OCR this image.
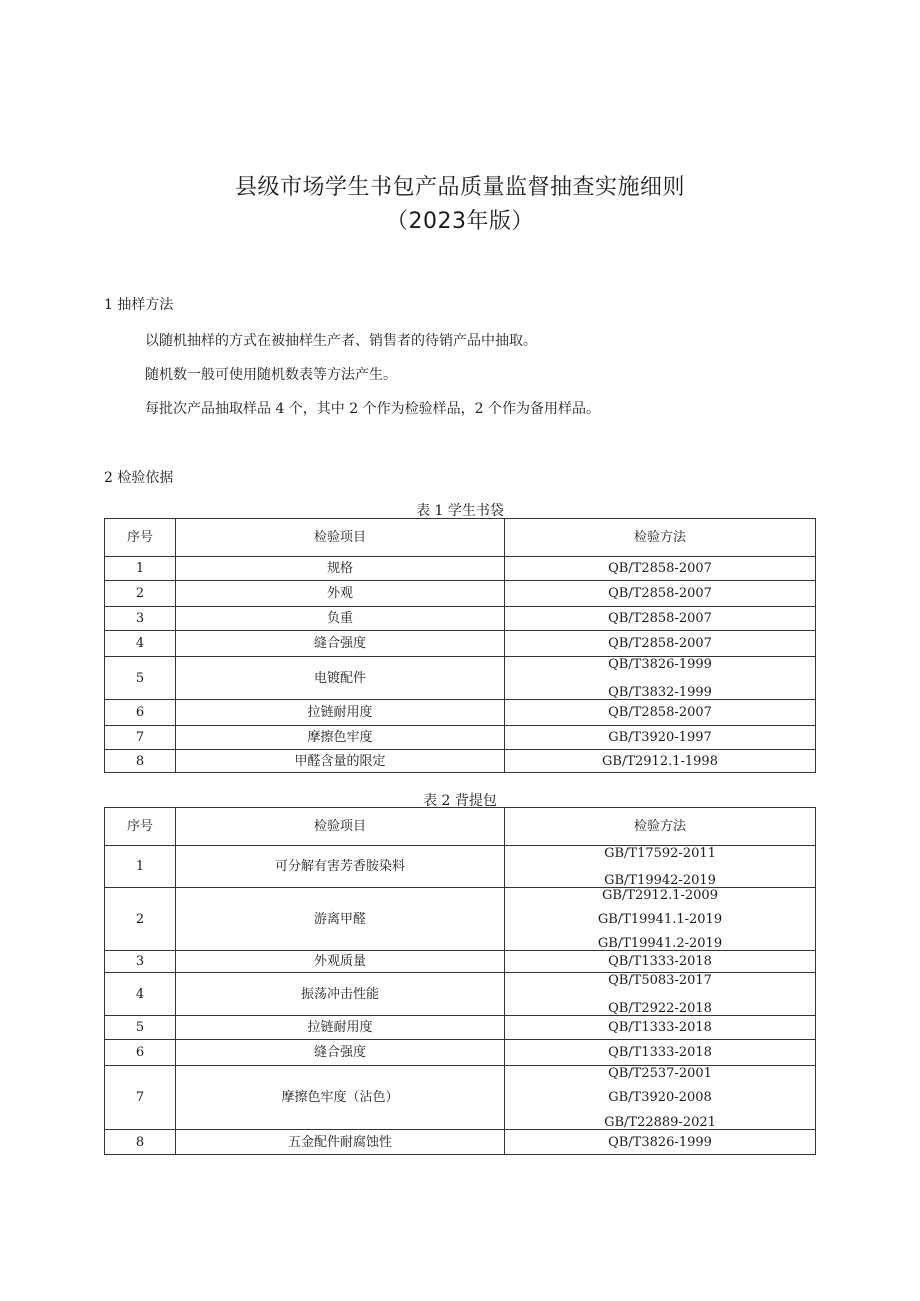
县级市场学生书包产品质量监督抽查实施细则
（2023年版）
1 抽样方法
以随机抽样的方式在被抽样生产者、销售者的待销产品中抽取。
随机数一般可使用随机数表等方法产生。
每批次产品抽取样品 4 个，其中 2 个作为检验样品，2 个作为备用样品。
2 检验依据
表 1 学生书袋
序号	检验项目	检验方法
1	规格	QB/T2858-2007
2	外观	QB/T2858-2007
3	负重	QB/T2858-2007
4	缝合强度	QB/T2858-2007
5	电镀配件	QB/T3826-1999
QB/T3832-1999

6	拉链耐用度	QB/T2858-2007
7	摩擦色牢度	GB/T3920-1997
8	甲醛含量的限定	GB/T2912.1-1998
表 2 背提包
序号	检验项目	检验方法
1	可分解有害芳香胺染料	GB/T17592-2011
GB/T19942-2019

2	游离甲醛	GB/T2912.1-2009
GB/T19941.1-2019
GB/T19941.2-2019

3	外观质量	QB/T1333-2018
4	振荡冲击性能	QB/T5083-2017
QB/T2922-2018

5	拉链耐用度	QB/T1333-2018
6	缝合强度	QB/T1333-2018
7	摩擦色牢度（沾色）	QB/T2537-2001
GB/T3920-2008
GB/T22889-2021

8	五金配件耐腐蚀性	QB/T3826-1999
